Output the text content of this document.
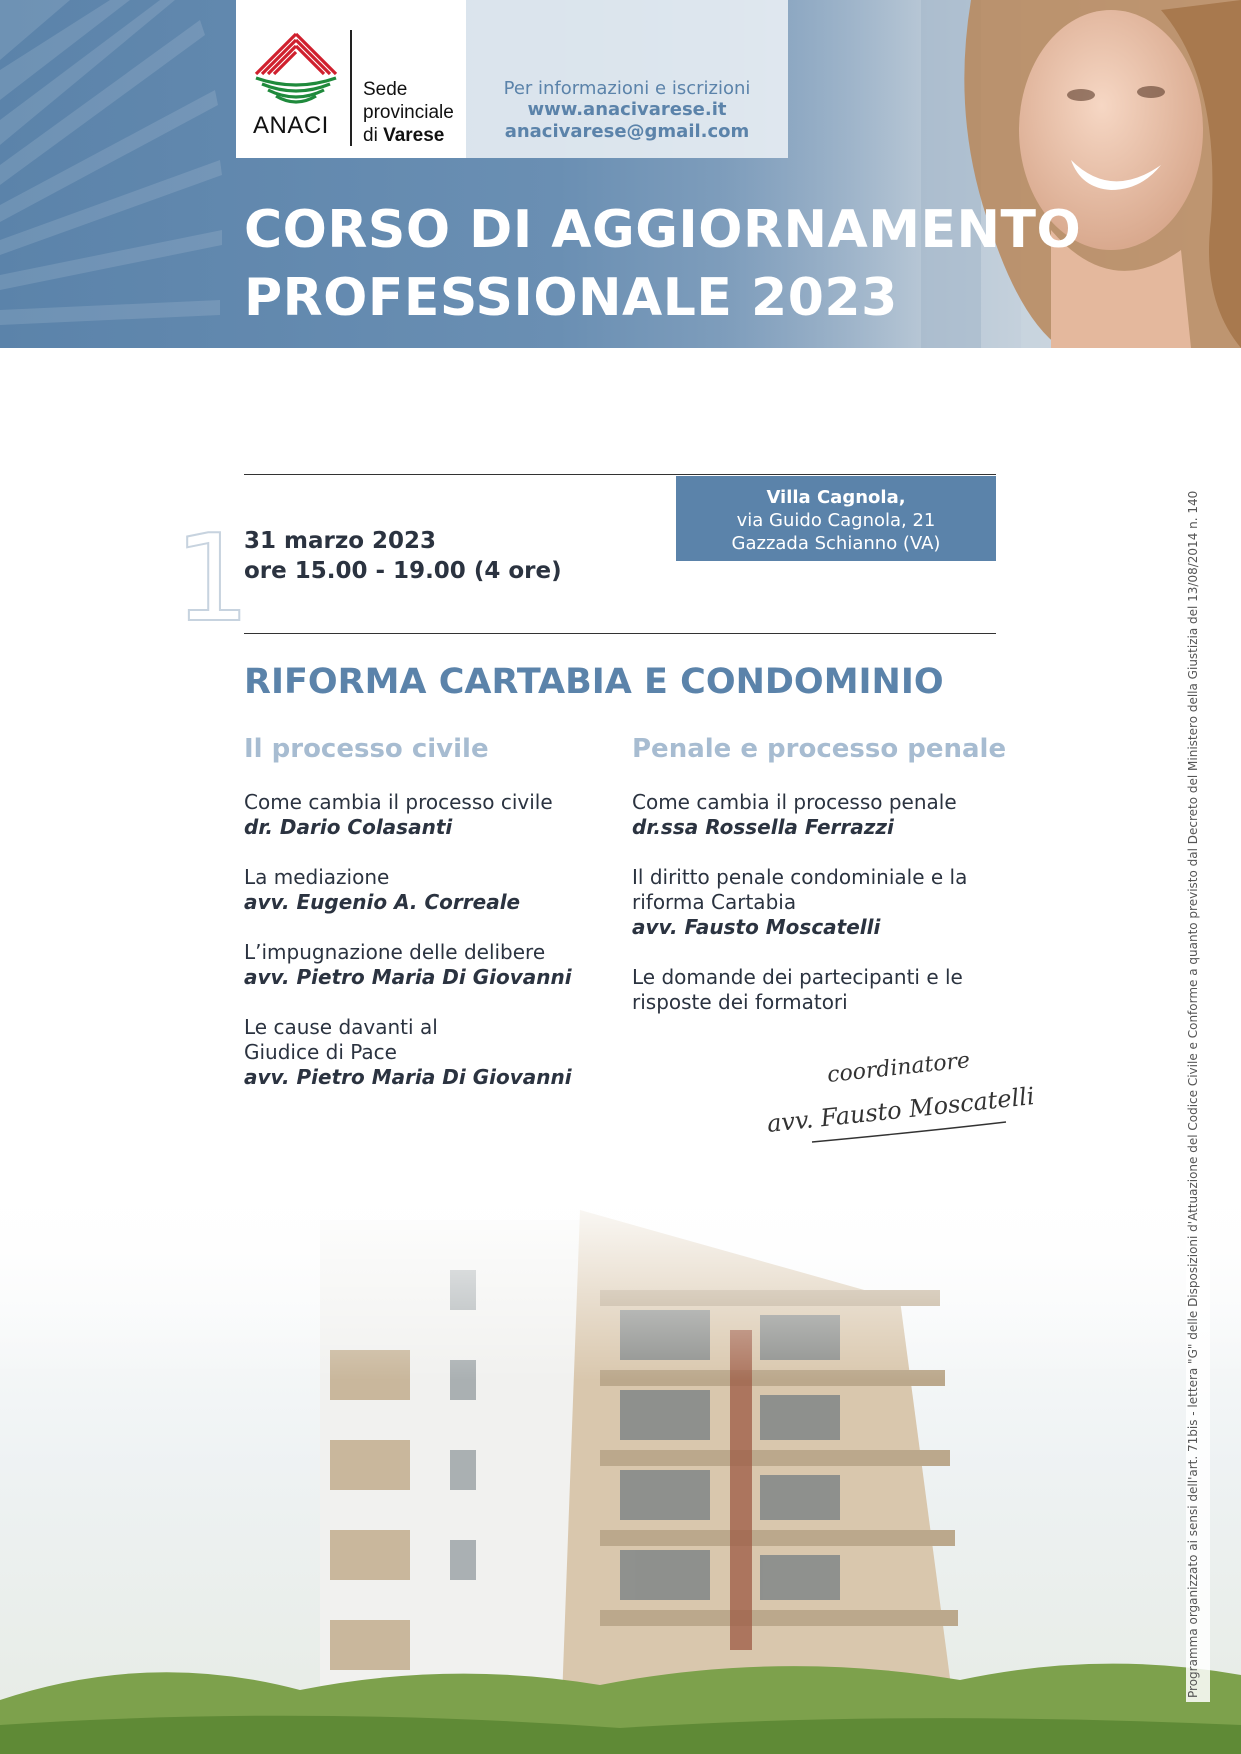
ANACI
Sede
provinciale
di Varese
Per informazioni e iscrizioni
www.anacivarese.it
anacivarese@gmail.com
CORSO DI AGGIORNAMENTO
PROFESSIONALE 2023
1
31 marzo 2023
ore 15.00 - 19.00 (4 ore)
Villa Cagnola,
via Guido Cagnola, 21
Gazzada Schianno (VA)
RIFORMA CARTABIA E CONDOMINIO
Il processo civile
Come cambia il processo civile
dr. Dario Colasanti
La mediazione
avv. Eugenio A. Correale
L’impugnazione delle delibere
avv. Pietro Maria Di Giovanni
Le cause davanti al
Giudice di Pace
avv. Pietro Maria Di Giovanni
Penale e processo penale
Come cambia il processo penale
dr.ssa Rossella Ferrazzi
Il diritto penale condominiale e la
riforma Cartabia
avv. Fausto Moscatelli
Le domande dei partecipanti e le
risposte dei formatori
coordinatore
avv. Fausto Moscatelli	Programma organizzato ai sensi dell'art. 71bis - lettera "G" delle Disposizioni d'Attuazione del Codice Civile e Conforme a quanto previsto dal Decreto del Ministero della Giustizia del 13/08/2014 n. 140
